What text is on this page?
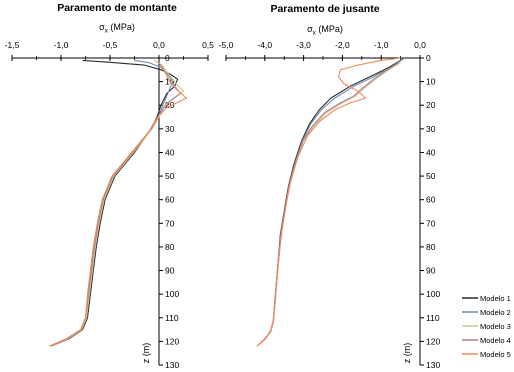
Paramento de montante
$\sigma_x$ (MPa)
-1,5	-1,0	-0,5	0,0	0,5
0
10
20
30
40
50
60
70
80
90
100
110
120
130
z (m)
Paramento de jusante
$\sigma_x$ (MPa)
-5,0	-4,0	-3,0	-2,0	-1,0	0,0
0
10
20
30
40
50
60
70
80
90
100
110
120
130
z (m)
Modelo 1
Modelo 2
Modelo 3
Modelo 4
Modelo 5
